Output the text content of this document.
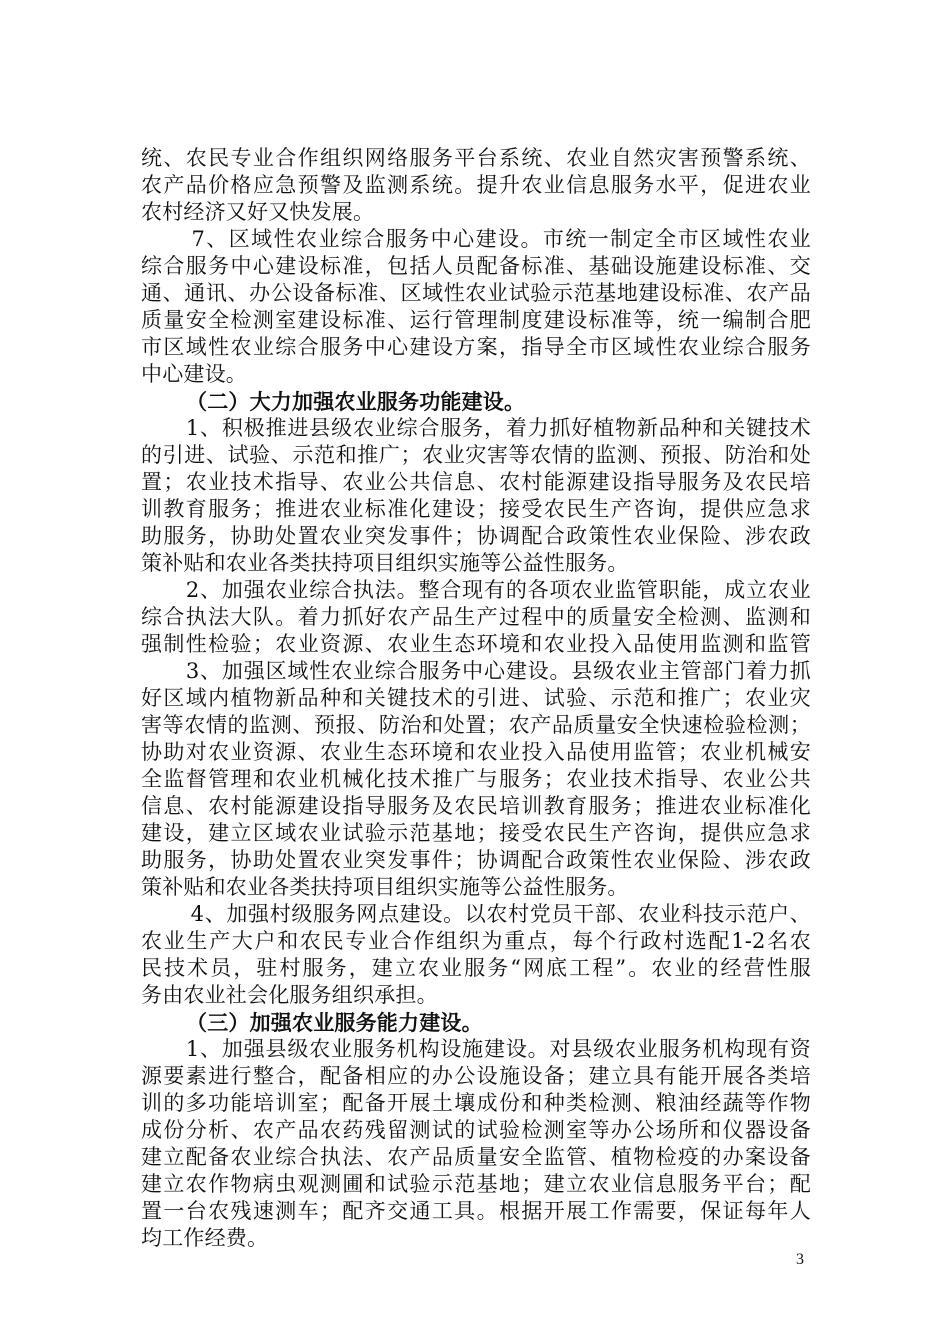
统、农民专业合作组织网络服务平台系统、农业自然灾害预警系统、
农产品价格应急预警及监测系统。提升农业信息服务水平，促进农业
农村经济又好又快发展。
　7、区域性农业综合服务中心建设。市统一制定全市区域性农业
综合服务中心建设标准，包括人员配备标准、基础设施建设标准、交
通、通讯、办公设备标准、区域性农业试验示范基地建设标准、农产品
质量安全检测室建设标准、运行管理制度建设标准等，统一编制合肥
市区域性农业综合服务中心建设方案，指导全市区域性农业综合服务
中心建设。
（二）大力加强农业服务功能建设。
　1、积极推进县级农业综合服务，着力抓好植物新品种和关键技术
的引进、试验、示范和推广；农业灾害等农情的监测、预报、防治和处
置；农业技术指导、农业公共信息、农村能源建设指导服务及农民培
训教育服务；推进农业标准化建设；接受农民生产咨询，提供应急求
助服务，协助处置农业突发事件；协调配合政策性农业保险、涉农政
策补贴和农业各类扶持项目组织实施等公益性服务。
　2、加强农业综合执法。整合现有的各项农业监管职能，成立农业
综合执法大队。着力抓好农产品生产过程中的质量安全检测、监测和
强制性检验；农业资源、农业生态环境和农业投入品使用监测和监管
　3、加强区域性农业综合服务中心建设。县级农业主管部门着力抓
好区域内植物新品种和关键技术的引进、试验、示范和推广；农业灾
害等农情的监测、预报、防治和处置；农产品质量安全快速检验检测；
协助对农业资源、农业生态环境和农业投入品使用监管；农业机械安
全监督管理和农业机械化技术推广与服务；农业技术指导、农业公共
信息、农村能源建设指导服务及农民培训教育服务；推进农业标准化
建设，建立区域农业试验示范基地；接受农民生产咨询，提供应急求
助服务，协助处置农业突发事件；协调配合政策性农业保险、涉农政
策补贴和农业各类扶持项目组织实施等公益性服务。
　4、加强村级服务网点建设。以农村党员干部、农业科技示范户、
农业生产大户和农民专业合作组织为重点，每个行政村选配1-2名农
民技术员，驻村服务，建立农业服务“网底工程”。农业的经营性服
务由农业社会化服务组织承担。
（三）加强农业服务能力建设。
　1、加强县级农业服务机构设施建设。对县级农业服务机构现有资
源要素进行整合，配备相应的办公设施设备；建立具有能开展各类培
训的多功能培训室；配备开展土壤成份和种类检测、粮油经蔬等作物
成份分析、农产品农药残留测试的试验检测室等办公场所和仪器设备
建立配备农业综合执法、农产品质量安全监管、植物检疫的办案设备
建立农作物病虫观测圃和试验示范基地；建立农业信息服务平台；配
置一台农残速测车；配齐交通工具。根据开展工作需要，保证每年人
均工作经费。
3
